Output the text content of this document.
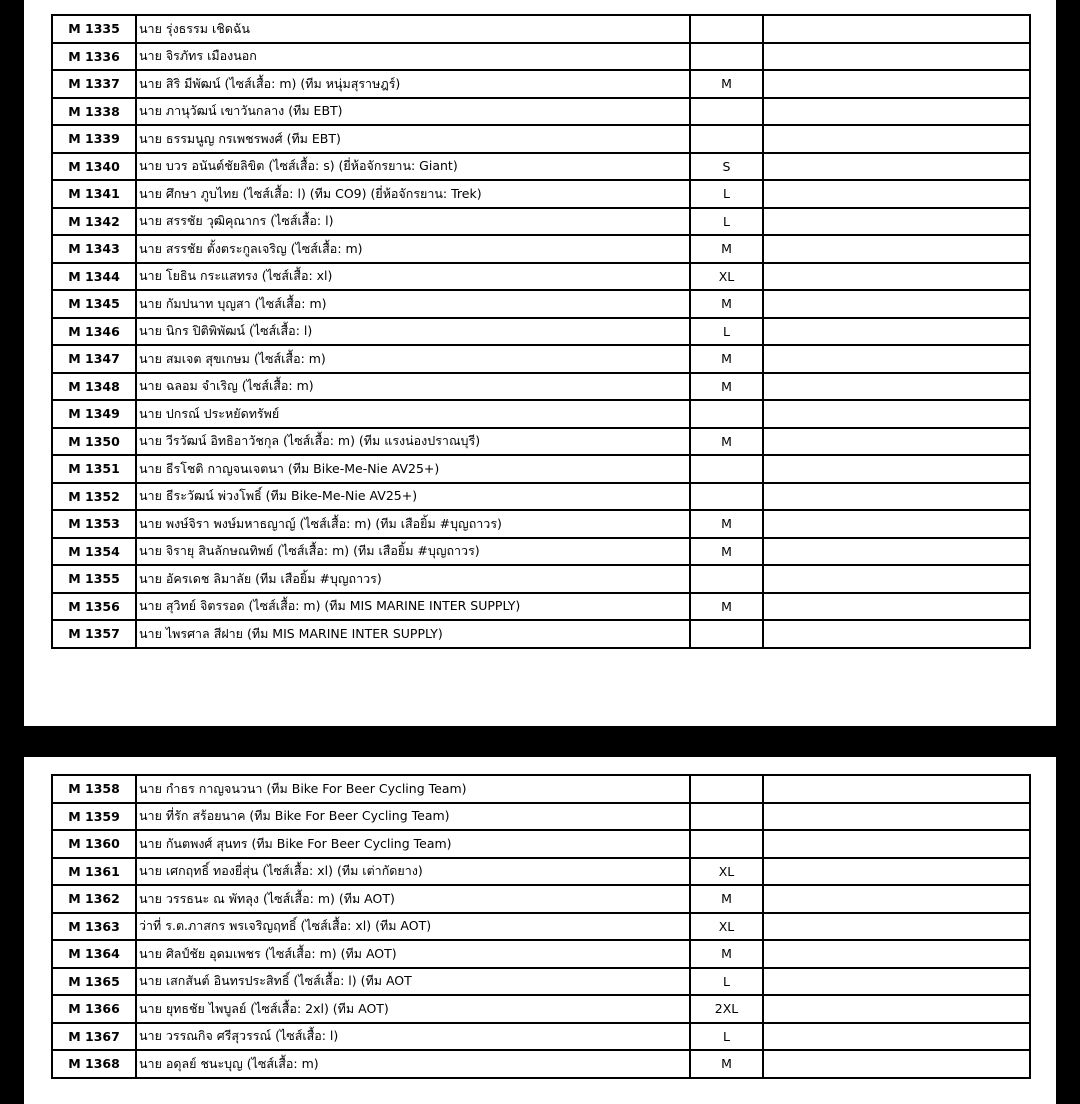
M 1335	นาย รุ่งธรรม เชิดฉัน		
M 1336	นาย จิรภัทร เมืองนอก		
M 1337	นาย สิริ มีพัฒน์ (ไซส์เสื้อ: m) (ทีม หนุ่มสุราษฎร์)	M	
M 1338	นาย ภานุวัฒน์ เขาวันกลาง (ทีม EBT)		
M 1339	นาย ธรรมนูญ กรเพชรพงศ์ (ทีม EBT)		
M 1340	นาย บวร อนันต์ชัยลิขิต (ไซส์เสื้อ: s) (ยี่ห้อจักรยาน: Giant)	S	
M 1341	นาย ศึกษา ภูบไทย (ไซส์เสื้อ: l) (ทีม CO9) (ยี่ห้อจักรยาน: Trek)	L	
M 1342	นาย สรรชัย วุฒิคุณากร (ไซส์เสื้อ: l)	L	
M 1343	นาย สรรชัย ตั้งตระกูลเจริญ (ไซส์เสื้อ: m)	M	
M 1344	นาย โยธิน กระแสทรง (ไซส์เสื้อ: xl)	XL	
M 1345	นาย กัมปนาท บุญสา (ไซส์เสื้อ: m)	M	
M 1346	นาย นิกร ปิติพิพัฒน์ (ไซส์เสื้อ: l)	L	
M 1347	นาย สมเจต สุขเกษม (ไซส์เสื้อ: m)	M	
M 1348	นาย ฉลอม จำเริญ (ไซส์เสื้อ: m)	M	
M 1349	นาย ปกรณ์ ประหยัดทรัพย์		
M 1350	นาย วีรวัฒน์ อิทธิอาวัชกุล (ไซส์เสื้อ: m) (ทีม แรงน่องปราณบุรี)	M	
M 1351	นาย ธีรโชติ กาญจนเจตนา (ทีม Bike-Me-Nie AV25+)		
M 1352	นาย ธีระวัฒน์ พ่วงโพธิ์ (ทีม Bike-Me-Nie AV25+)		
M 1353	นาย พงษ์จิรา พงษ์มหาธญาญ์ (ไซส์เสื้อ: m) (ทีม เสือยิ้ม #บุญถาวร)	M	
M 1354	นาย จิรายุ สินลักษณทิพย์ (ไซส์เสื้อ: m) (ทีม เสือยิ้ม #บุญถาวร)	M	
M 1355	นาย อัครเดช ลิมาลัย (ทีม เสือยิ้ม #บุญถาวร)		
M 1356	นาย สุวิทย์ จิตรรอด (ไซส์เสื้อ: m) (ทีม MIS MARINE INTER SUPPLY)	M	
M 1357	นาย ไพรศาล สีฝาย (ทีม MIS MARINE INTER SUPPLY)		
M 1358	นาย กำธร กาญจนวนา (ทีม Bike For Beer Cycling Team)		
M 1359	นาย ที่รัก สร้อยนาค (ทีม Bike For Beer Cycling Team)		
M 1360	นาย กันตพงศ์ สุนทร (ทีม Bike For Beer Cycling Team)		
M 1361	นาย เศกฤทธิ์ ทองยี่สุ่น (ไซส์เสื้อ: xl) (ทีม เต่ากัดยาง)	XL	
M 1362	นาย วรรธนะ ณ พัทลุง (ไซส์เสื้อ: m) (ทีม AOT)	M	
M 1363	ว่าที่ ร.ต.ภาสกร พรเจริญฤทธิ์ (ไซส์เสื้อ: xl) (ทีม AOT)	XL	
M 1364	นาย ศิลป์ชัย อุดมเพชร (ไซส์เสื้อ: m) (ทีม AOT)	M	
M 1365	นาย เสกสันต์ อินทรประสิทธิ์ (ไซส์เสื้อ: l) (ทีม AOT	L	
M 1366	นาย ยุทธชัย ไพบูลย์ (ไซส์เสื้อ: 2xl) (ทีม AOT)	2XL	
M 1367	นาย วรรณกิจ ศรีสุวรรณ์ (ไซส์เสื้อ: l)	L	
M 1368	นาย อดุลย์ ชนะบุญ (ไซส์เสื้อ: m)	M	
